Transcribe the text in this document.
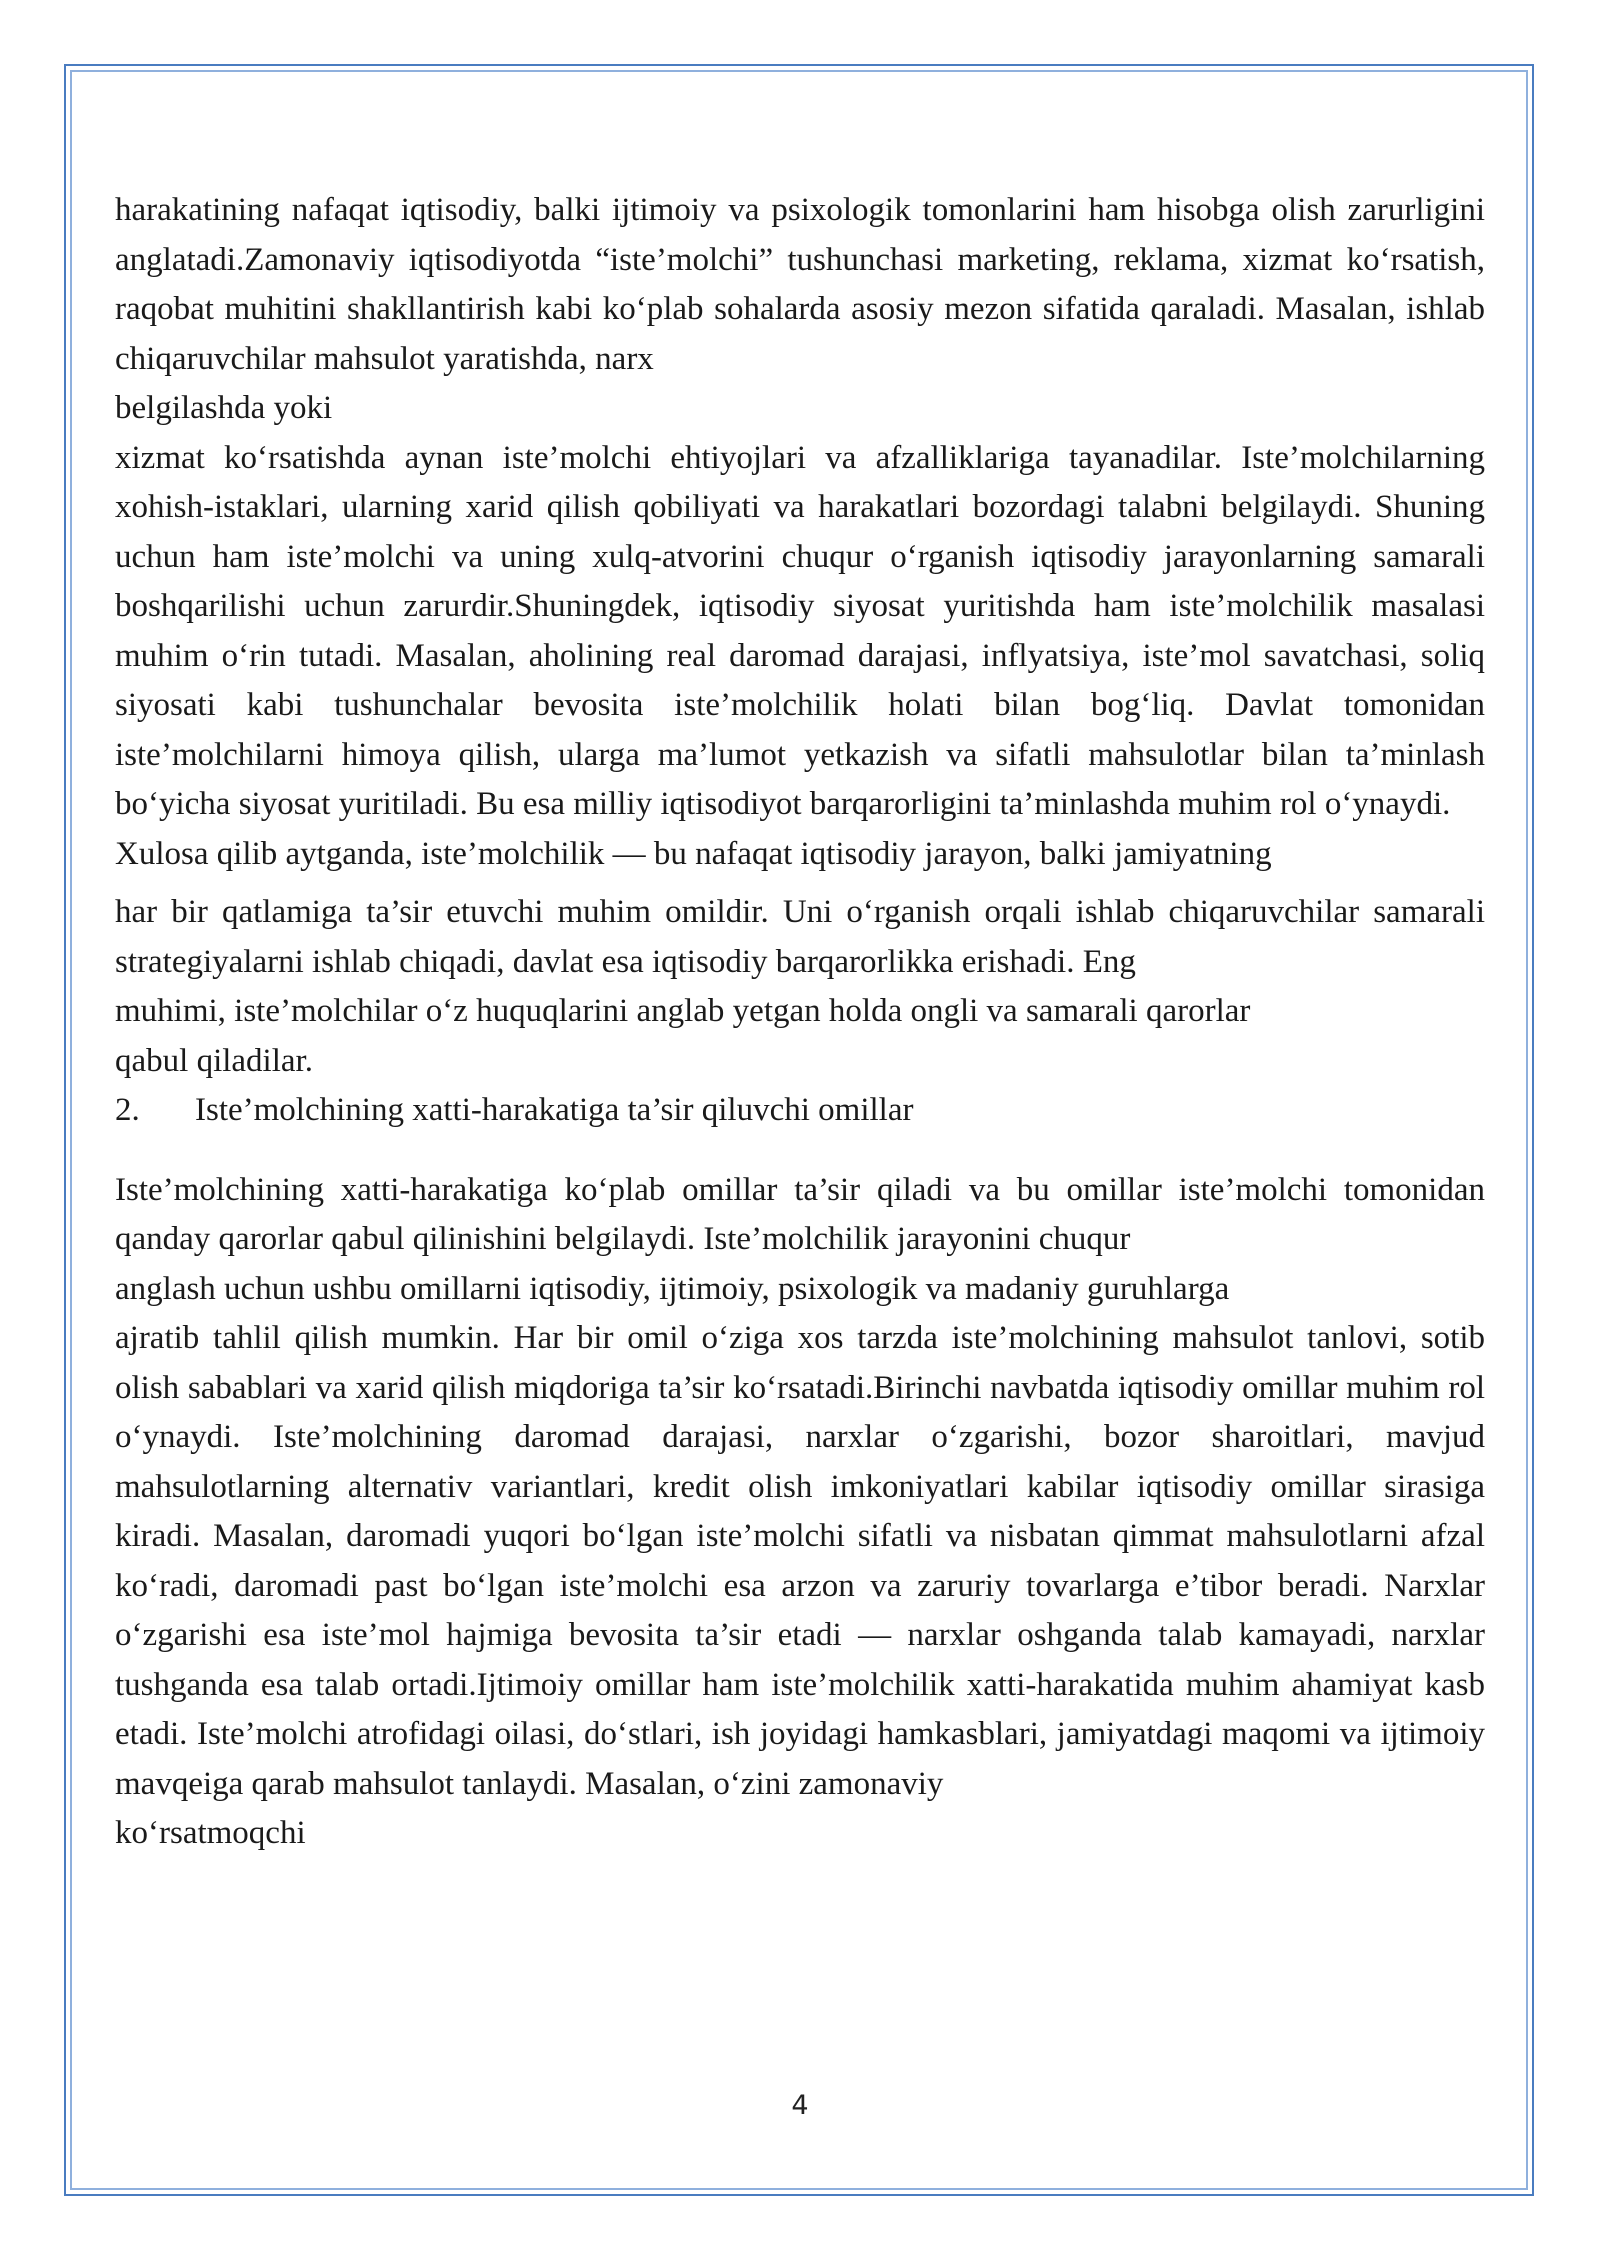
harakatining nafaqat iqtisodiy, balki ijtimoiy va psixologik tomonlarini ham hisobga olish zarurligini anglatadi.Zamonaviy iqtisodiyotda “iste’molchi” tushunchasi marketing, reklama, xizmat ko‘rsatish, raqobat muhitini shakllantirish kabi ko‘plab sohalarda asosiy mezon sifatida qaraladi. Masalan, ishlab chiqaruvchilar mahsulot yaratishda, narx

belgilashda yoki

xizmat ko‘rsatishda aynan iste’molchi ehtiyojlari va afzalliklariga tayanadilar. Iste’molchilarning xohish-istaklari, ularning xarid qilish qobiliyati va harakatlari bozordagi talabni belgilaydi. Shuning uchun ham iste’molchi va uning xulq-atvorini chuqur o‘rganish iqtisodiy jarayonlarning samarali boshqarilishi uchun zarurdir.Shuningdek, iqtisodiy siyosat yuritishda ham iste’molchilik masalasi muhim o‘rin tutadi. Masalan, aholining real daromad darajasi, inflyatsiya, iste’mol savatchasi, soliq siyosati kabi tushunchalar bevosita iste’molchilik holati bilan bog‘liq. Davlat tomonidan iste’molchilarni himoya qilish, ularga ma’lumot yetkazish va sifatli mahsulotlar bilan ta’minlash bo‘yicha siyosat yuritiladi. Bu esa milliy iqtisodiyot barqarorligini ta’minlashda muhim rol o‘ynaydi.

Xulosa qilib aytganda, iste’molchilik — bu nafaqat iqtisodiy jarayon, balki jamiyatning

har bir qatlamiga ta’sir etuvchi muhim omildir. Uni o‘rganish orqali ishlab chiqaruvchilar samarali strategiyalarni ishlab chiqadi, davlat esa iqtisodiy barqarorlikka erishadi. Eng

muhimi, iste’molchilar o‘z huquqlarini anglab yetgan holda ongli va samarali qarorlar

qabul qiladilar.

2.	Iste’molchining xatti-harakatiga ta’sir qiluvchi omillar

Iste’molchining xatti-harakatiga ko‘plab omillar ta’sir qiladi va bu omillar iste’molchi tomonidan qanday qarorlar qabul qilinishini belgilaydi. Iste’molchilik jarayonini chuqur

anglash uchun ushbu omillarni iqtisodiy, ijtimoiy, psixologik va madaniy guruhlarga

ajratib tahlil qilish mumkin. Har bir omil o‘ziga xos tarzda iste’molchining mahsulot tanlovi, sotib olish sabablari va xarid qilish miqdoriga ta’sir ko‘rsatadi.Birinchi navbatda iqtisodiy omillar muhim rol o‘ynaydi. Iste’molchining daromad darajasi, narxlar o‘zgarishi, bozor sharoitlari, mavjud mahsulotlarning alternativ variantlari, kredit olish imkoniyatlari kabilar iqtisodiy omillar sirasiga kiradi. Masalan, daromadi yuqori bo‘lgan iste’molchi sifatli va nisbatan qimmat mahsulotlarni afzal ko‘radi, daromadi past bo‘lgan iste’molchi esa arzon va zaruriy tovarlarga e’tibor beradi. Narxlar o‘zgarishi esa iste’mol hajmiga bevosita ta’sir etadi — narxlar oshganda talab kamayadi, narxlar tushganda esa talab ortadi.Ijtimoiy omillar ham iste’molchilik xatti-harakatida muhim ahamiyat kasb etadi. Iste’molchi atrofidagi oilasi, do‘stlari, ish joyidagi hamkasblari, jamiyatdagi maqomi va ijtimoiy mavqeiga qarab mahsulot tanlaydi. Masalan, o‘zini zamonaviy

ko‘rsatmoqchi

4
